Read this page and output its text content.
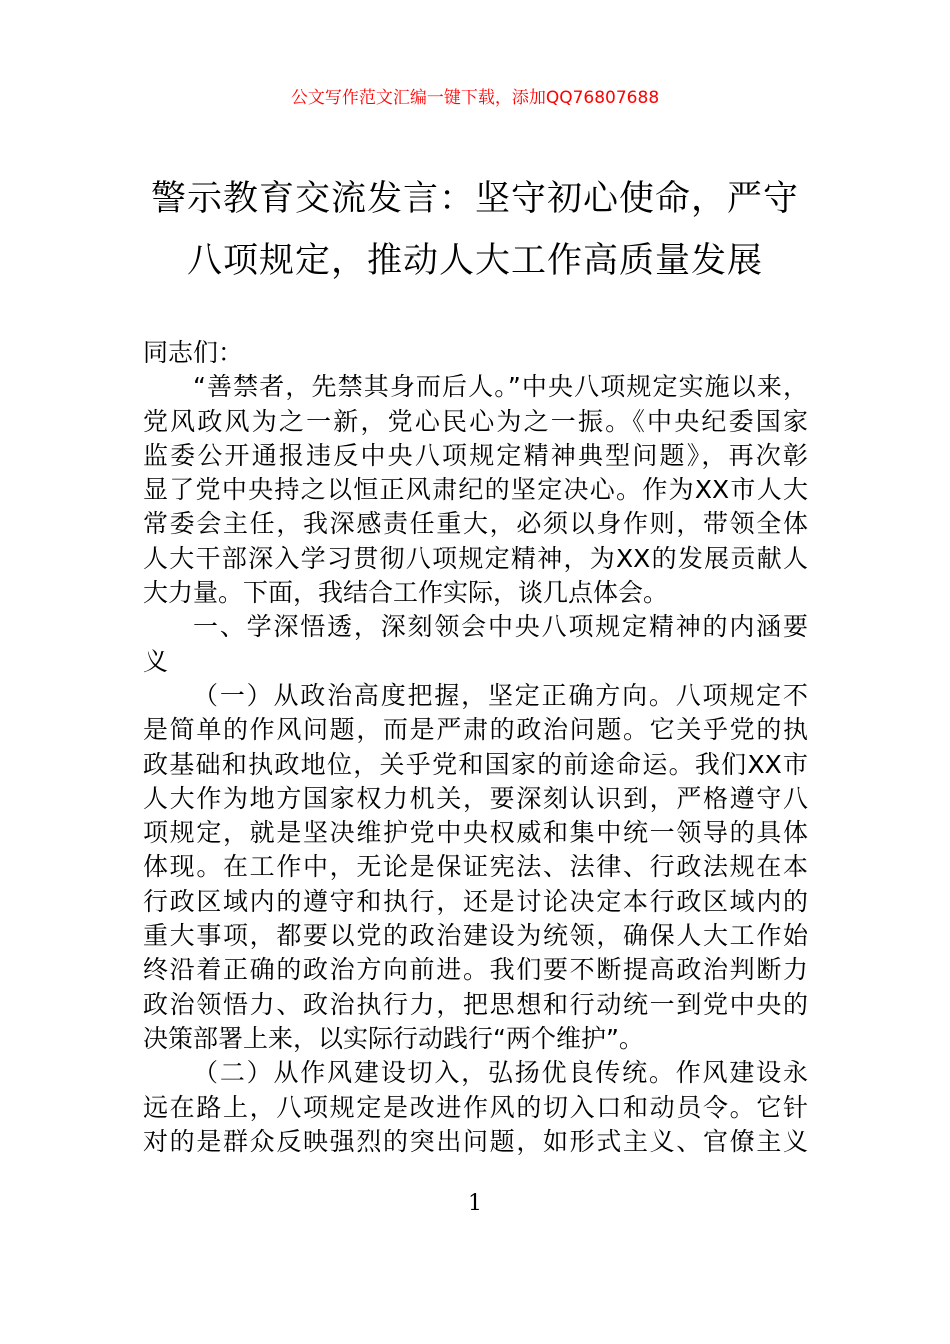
公文写作范文汇编一键下载，添加QQ76807688
警示教育交流发言：坚守初心使命，严守
八项规定，推动人大工作高质量发展
同志们：
“善禁者，先禁其身而后人。”中央八项规定实施以来，
党风政风为之一新，党心民心为之一振。《中央纪委国家
监委公开通报违反中央八项规定精神典型问题》，再次彰
显了党中央持之以恒正风肃纪的坚定决心。作为XX市人大
常委会主任，我深感责任重大，必须以身作则，带领全体
人大干部深入学习贯彻八项规定精神，为XX的发展贡献人
大力量。下面，我结合工作实际，谈几点体会。
一、学深悟透，深刻领会中央八项规定精神的内涵要
义
（一）从政治高度把握，坚定正确方向。八项规定不
是简单的作风问题，而是严肃的政治问题。它关乎党的执
政基础和执政地位，关乎党和国家的前途命运。我们XX市
人大作为地方国家权力机关，要深刻认识到，严格遵守八
项规定，就是坚决维护党中央权威和集中统一领导的具体
体现。在工作中，无论是保证宪法、法律、行政法规在本
行政区域内的遵守和执行，还是讨论决定本行政区域内的
重大事项，都要以党的政治建设为统领，确保人大工作始
终沿着正确的政治方向前进。我们要不断提高政治判断力
政治领悟力、政治执行力，把思想和行动统一到党中央的
决策部署上来，以实际行动践行“两个维护”。
（二）从作风建设切入，弘扬优良传统。作风建设永
远在路上，八项规定是改进作风的切入口和动员令。它针
对的是群众反映强烈的突出问题，如形式主义、官僚主义
1
